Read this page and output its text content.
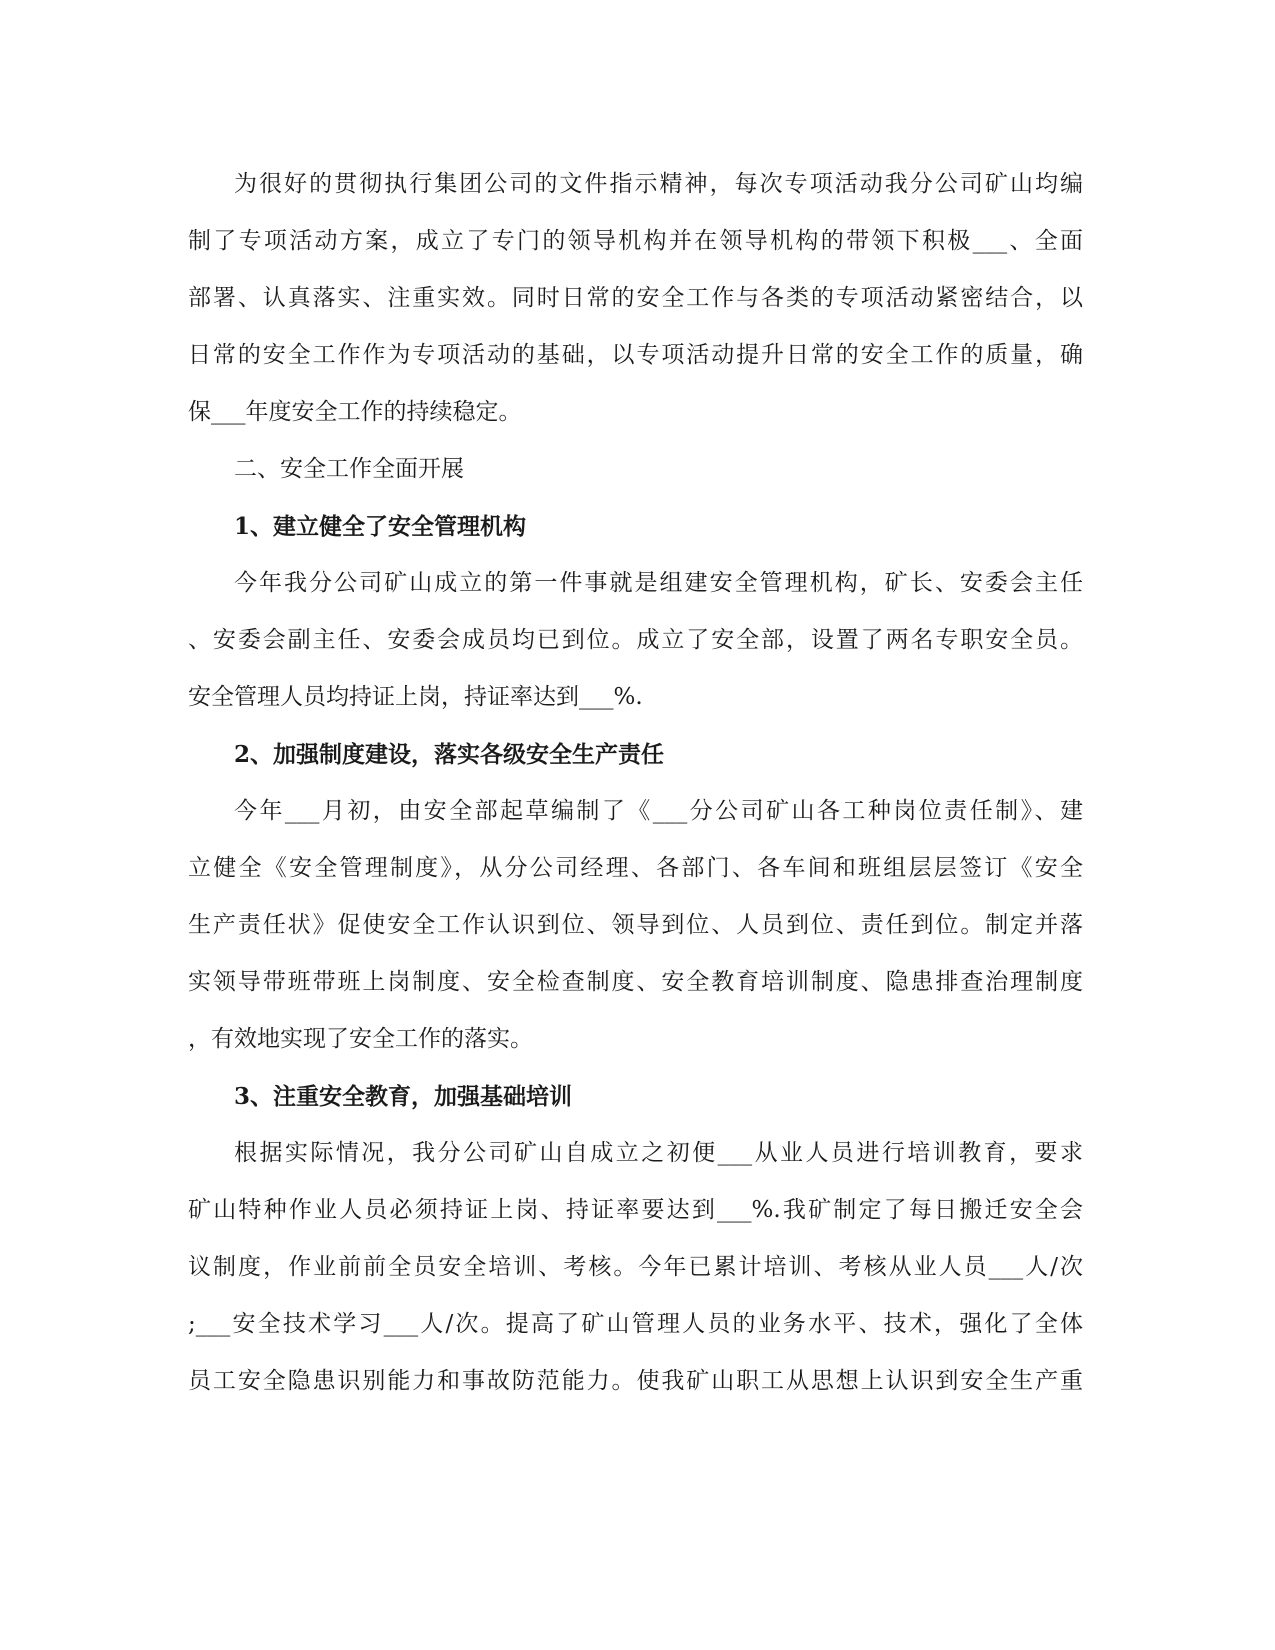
为很好的贯彻执行集团公司的文件指示精神，每次专项活动我分公司矿山均编
制了专项活动方案，成立了专门的领导机构并在领导机构的带领下积极___、全面
部署、认真落实、注重实效。同时日常的安全工作与各类的专项活动紧密结合，以
日常的安全工作作为专项活动的基础，以专项活动提升日常的安全工作的质量，确
保___年度安全工作的持续稳定。
二、安全工作全面开展
1、建立健全了安全管理机构
今年我分公司矿山成立的第一件事就是组建安全管理机构，矿长、安委会主任
、安委会副主任、安委会成员均已到位。成立了安全部，设置了两名专职安全员。
安全管理人员均持证上岗，持证率达到___%.
2、加强制度建设，落实各级安全生产责任
今年___月初，由安全部起草编制了《___分公司矿山各工种岗位责任制》、建
立健全《安全管理制度》，从分公司经理、各部门、各车间和班组层层签订《安全
生产责任状》促使安全工作认识到位、领导到位、人员到位、责任到位。制定并落
实领导带班带班上岗制度、安全检查制度、安全教育培训制度、隐患排查治理制度
，有效地实现了安全工作的落实。
3、注重安全教育，加强基础培训
根据实际情况，我分公司矿山自成立之初便___从业人员进行培训教育，要求
矿山特种作业人员必须持证上岗、持证率要达到___%.我矿制定了每日搬迁安全会
议制度，作业前前全员安全培训、考核。今年已累计培训、考核从业人员___人/次
;___安全技术学习___人/次。提高了矿山管理人员的业务水平、技术，强化了全体
员工安全隐患识别能力和事故防范能力。使我矿山职工从思想上认识到安全生产重
